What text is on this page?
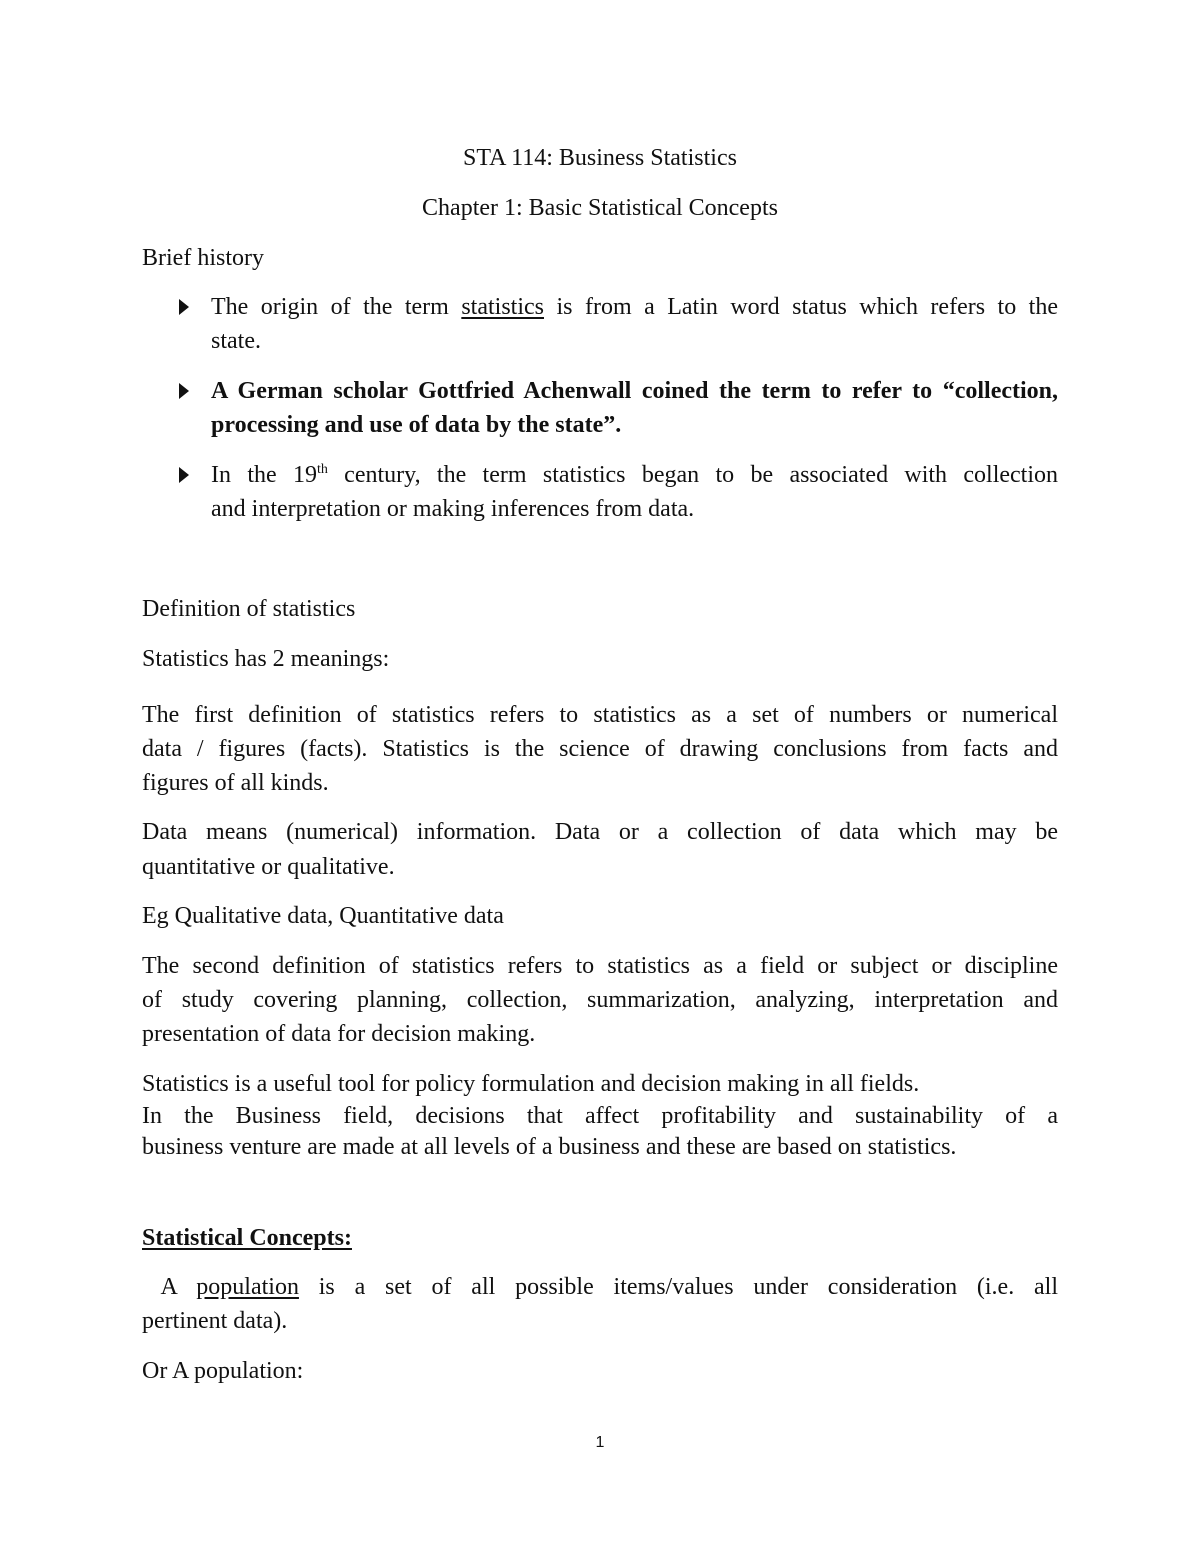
STA 114: Business Statistics

Chapter 1: Basic Statistical Concepts

Brief history

The origin of the term statistics is from a Latin word status which refers to the

state.

A German scholar Gottfried Achenwall coined the term to refer to “collection,

processing and use of data by the state”.

In the 19th century, the term statistics began to be associated with collection

and interpretation or making inferences from data.

Definition of statistics

Statistics has 2 meanings:

The first definition of statistics refers to statistics as a set of numbers or numerical

data / figures (facts). Statistics is the science of drawing conclusions from facts and

figures of all kinds.

Data means (numerical) information. Data or a collection of data which may be

quantitative or qualitative.

Eg Qualitative data, Quantitative data

The second definition of statistics refers to statistics as a field or subject or discipline

of study covering planning, collection, summarization, analyzing, interpretation and

presentation of data for decision making.

Statistics is a useful tool for policy formulation and decision making in all fields.

In the Business field, decisions that affect profitability and sustainability of a

business venture are made at all levels of a business and these are based on statistics.

Statistical Concepts:

A population is a set of all possible items/values under consideration (i.e. all

pertinent data).

Or A population:

1
